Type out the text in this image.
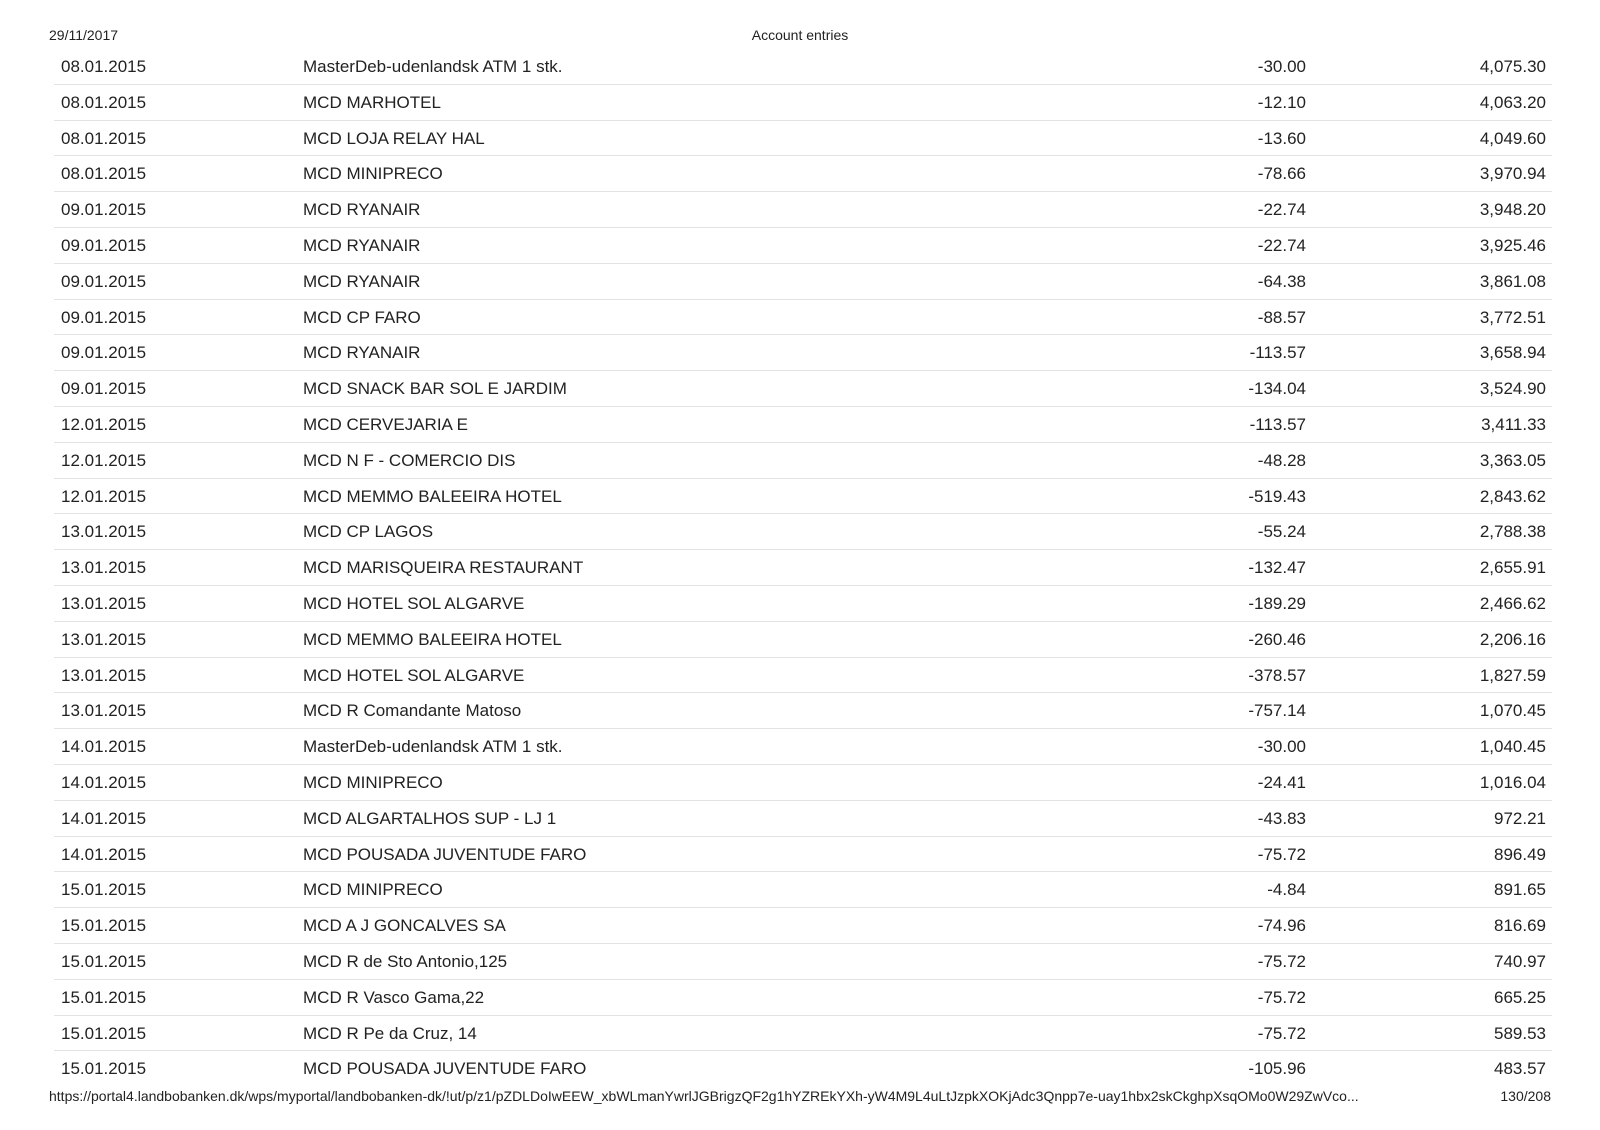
29/11/2017	Account entries
08.01.2015	MasterDeb-udenlandsk ATM 1 stk.	-30.00	4,075.30
08.01.2015	MCD MARHOTEL	-12.10	4,063.20
08.01.2015	MCD LOJA RELAY HAL	-13.60	4,049.60
08.01.2015	MCD MINIPRECO	-78.66	3,970.94
09.01.2015	MCD RYANAIR	-22.74	3,948.20
09.01.2015	MCD RYANAIR	-22.74	3,925.46
09.01.2015	MCD RYANAIR	-64.38	3,861.08
09.01.2015	MCD CP FARO	-88.57	3,772.51
09.01.2015	MCD RYANAIR	-113.57	3,658.94
09.01.2015	MCD SNACK BAR SOL E JARDIM	-134.04	3,524.90
12.01.2015	MCD CERVEJARIA E	-113.57	3,411.33
12.01.2015	MCD N F - COMERCIO DIS	-48.28	3,363.05
12.01.2015	MCD MEMMO BALEEIRA HOTEL	-519.43	2,843.62
13.01.2015	MCD CP LAGOS	-55.24	2,788.38
13.01.2015	MCD MARISQUEIRA RESTAURANT	-132.47	2,655.91
13.01.2015	MCD HOTEL SOL ALGARVE	-189.29	2,466.62
13.01.2015	MCD MEMMO BALEEIRA HOTEL	-260.46	2,206.16
13.01.2015	MCD HOTEL SOL ALGARVE	-378.57	1,827.59
13.01.2015	MCD R Comandante Matoso	-757.14	1,070.45
14.01.2015	MasterDeb-udenlandsk ATM 1 stk.	-30.00	1,040.45
14.01.2015	MCD MINIPRECO	-24.41	1,016.04
14.01.2015	MCD ALGARTALHOS SUP - LJ 1	-43.83	972.21
14.01.2015	MCD POUSADA JUVENTUDE FARO	-75.72	896.49
15.01.2015	MCD MINIPRECO	-4.84	891.65
15.01.2015	MCD A J GONCALVES SA	-74.96	816.69
15.01.2015	MCD R de Sto Antonio,125	-75.72	740.97
15.01.2015	MCD R Vasco Gama,22	-75.72	665.25
15.01.2015	MCD R Pe da Cruz, 14	-75.72	589.53
15.01.2015	MCD POUSADA JUVENTUDE FARO	-105.96	483.57
https://portal4.landbobanken.dk/wps/myportal/landbobanken-dk/!ut/p/z1/pZDLDoIwEEW_xbWLmanYwrlJGBrigzQF2g1hYZREkYXh-yW4M9L4uLtJzpkXOKjAdc3Qnpp7e-uay1hbx2skCkghpXsqOMo0W29ZwVco...	130/208
